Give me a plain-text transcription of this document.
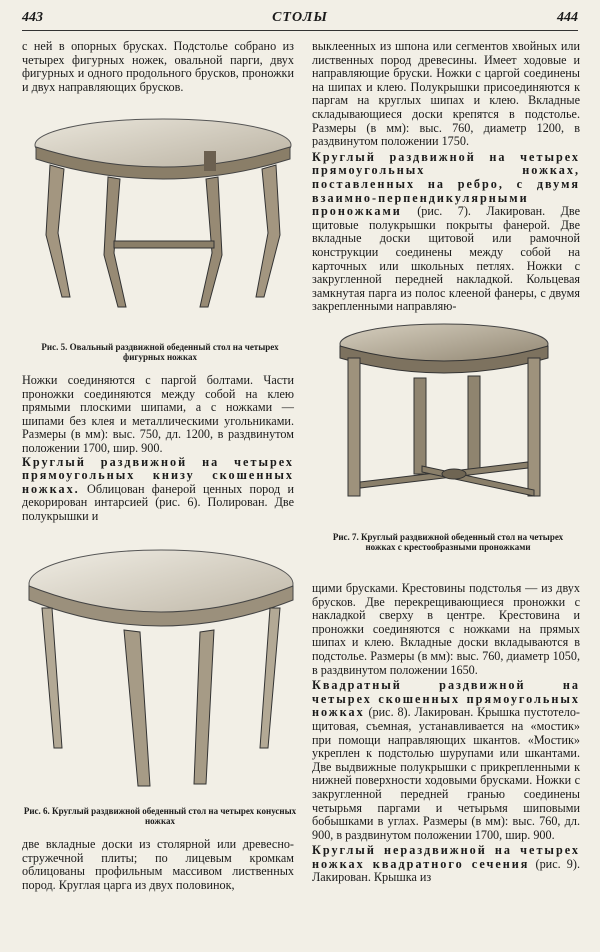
443	СТОЛЫ	444

с ней в опорных брусках. Подстолье собрано из четырех фигурных ножек, овальной парги, двух фигурных и одного продольного брусков, проножки и двух направляющих брусков.

Рис. 5. Овальный раздвижной обеденный стол на четырех фигурных ножках

Ножки соединяются с паргой болтами. Части проножки соединяются между собой на клею прямыми плоскими шипами, а с ножками — шипами без клея и металлическими угольниками. Размеры (в мм): выс. 750, дл. 1200, в раздвинутом положении 1700, шир. 900.

Круглый раздвижной на четырех прямоугольных книзу скошенных ножках. Облицован фанерой ценных пород и декорирован интарсией (рис. 6). Полирован. Две полукрышки и

Рис. 6. Круглый раздвижной обеденный стол на четырех конусных ножках

две вкладные доски из столярной или древесно-стружечной плиты; по лицевым кромкам облицованы профильным массивом лиственных пород. Круглая царга из двух половинок,

выклеенных из шпона или сегментов хвойных или лиственных пород древесины. Имеет ходовые и направляющие бруски. Ножки с царгой соединены на шипах и клею. Полукрышки присоединяются к паргам на круглых шипах и клею. Вкладные складывающиеся доски крепятся в подстолье. Размеры (в мм): выс. 760, диаметр 1200, в раздвинутом положении 1750.

Круглый раздвижной на четырех прямоугольных ножках, поставленных на ребро, с двумя взаимно-перпендикулярными проножками (рис. 7). Лакирован. Две щитовые полукрышки покрыты фанерой. Две вкладные доски щитовой или рамочной конструкции соединены между собой на карточных или школьных петлях. Ножки с закругленной передней накладкой. Кольцевая замкнутая парга из полос клееной фанеры, с двумя закрепленными направляю-

Рис. 7. Круглый раздвижной обеденный стол на четырех ножках с крестообразными проножками

щими брусками. Крестовины подстолья — из двух брусков. Две перекрещивающиеся проножки с накладкой сверху в центре. Крестовина и проножки соединяются с ножками на прямых шипах и клею. Вкладные доски вкладываются в подстолье. Размеры (в мм): выс. 760, диаметр 1050, в раздвинутом положении 1650.

Квадратный раздвижной на четырех скошенных прямоугольных ножках (рис. 8). Лакирован. Крышка пустотело-щитовая, съемная, устанавливается на «мостик» при помощи направляющих шкантов. «Мостик» укреплен к подстолью шурупами или шкантами. Две выдвижные полукрышки с прикрепленными к нижней поверхности ходовыми брусками. Ножки с закругленной передней гранью соединены четырьмя паргами и четырьмя шиповыми бобышками в углах. Размеры (в мм): выс. 760, дл. 900, в раздвинутом положении 1700, шир. 900.

Круглый нераздвижной на четырех ножках квадратного сечения (рис. 9). Лакирован. Крышка из
